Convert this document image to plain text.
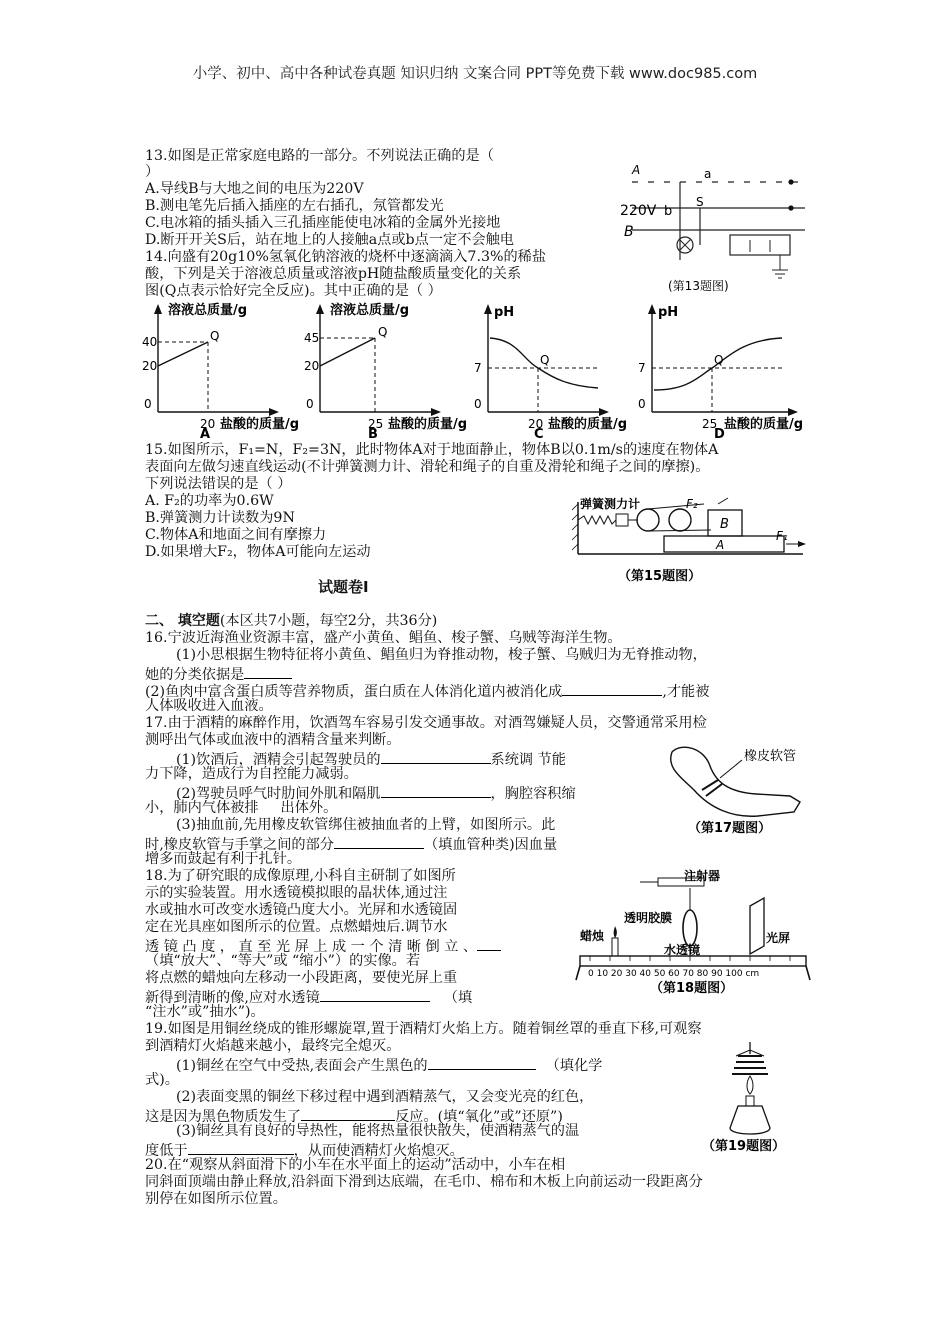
小学、初中、高中各种试卷真题 知识归纳 文案合同 PPT等免费下载 www.doc985.com
13.如图是正常家庭电路的一部分。不列说法正确的是（
）
A.导线B与大地之间的电压为220V
B.测电笔先后插入插座的左右插孔，氖管都发光
C.电冰箱的插头插入三孔插座能使电冰箱的金属外光接地
D.断开开关S后，站在地上的人接触a点或b点一定不会触电
220V b
B
A
S
a
(第13题图)
14.向盛有20g10%氢氧化钠溶液的烧杯中逐滴滴入7.3%的稀盐
酸，下列是关于溶液总质量或溶液pH随盐酸质量变化的关系
图(Q点表示恰好完全反应)。其中正确的是（ ）
溶液总质量/g
40
20
Q
0
20 盐酸的质量/g
A
溶液总质量/g
45
20
Q
0
25 盐酸的质量/g
B
pH
7
Q
0
20 盐酸的质量/g
C
pH
7
Q
0
25 盐酸的质量/g
D
15.如图所示，F₁=N，F₂=3N，此时物体A对于地面静止，物体B以0.1m/s的速度在物体A
表面向左做匀速直线运动(不计弹簧测力计、滑轮和绳子的自重及滑轮和绳子之间的摩擦)。
下列说法错误的是（ ）
A. F₂的功率为0.6W
B.弹簧测力计读数为9N
C.物体A和地面之间有摩擦力
D.如果增大F₂，物体A可能向左运动
弹簧测力计	F₂
F₁
B
A
（第15题图）
试题卷Ⅰ
二、 填空题(本区共7小题，每空2分，共36分)
16.宁波近海渔业资源丰富，盛产小黄鱼、鲳鱼、梭子蟹、乌贼等海洋生物。
(1)小思根据生物特征将小黄鱼、鲳鱼归为脊推动物，梭子蟹、乌贼归为无脊推动物，
她的分类依据是
(2)鱼肉中富含蛋白质等营养物质，蛋白质在人体消化道内被消化成	,才能被
人体吸收进入血液。
17.由于酒精的麻醉作用，饮酒驾车容易引发交通事故。对酒驾嫌疑人员，交警通常采用检
测呼出气体或血液中的酒精含量来判断。
(1)饮酒后，酒精会引起驾驶员的	系统调 节能
力下降，造成行为自控能力减弱。
(2)驾驶员呼气时肋间外肌和隔肌	，胸腔容积缩
小，肺内气体被排 出体外。
(3)抽血前,先用橡皮软管绑住被抽血者的上臂，如图所示。此
时,橡皮软管与手掌之间的部分	（填血管种类)因血量
增多而鼓起有利于扎针。
橡皮软管
（第17题图）
18.为了研究眼的成像原理,小科自主研制了如图所
示的实验装置。用水透镜模拟眼的晶状体,通过注
水或抽水可改变水透镜凸度大小。光屏和水透镜固
定在光具座如图所示的位置。点燃蜡烛后.调节水
透 镜 凸 度 ， 直 至 光 屏 上 成 一 个 清 晰 倒 立 、
（填“放大”、“等大”或 “缩小”）的实像。若
将点燃的蜡烛向左移动一小段距离，要使光屏上重
新得到清晰的像,应对水透镜	（填
“注水”或”抽水”)。
0 10 20 30 40 50 60 70 80 90 100 cm
注射器
透明胶膜
蜡烛
水透镜
光屏
（第18题图）
19.如图是用铜丝绕成的锥形螺旋罩,置于酒精灯火焰上方。随着铜丝罩的垂直下移,可观察
到酒精灯火焰越来越小，最终完全熄灭。
(1)铜丝在空气中受热,表面会产生黑色的	（填化学
式)。
(2)表面变黑的铜丝下移过程中遇到酒精蒸气，又会变光亮的红色，
这是因为黑色物质发生了	反应。(填“氧化”或”还原”)
(3)铜丝具有良好的导热性，能将热量很快散失，使酒精蒸气的温
度低于	，从而使酒精灯火焰熄灭。	（第19题图）
20.在“观察从斜面滑下的小车在水平面上的运动”活动中，小车在相
同斜面顶端由静止释放,沿斜面下滑到达底端，在毛巾、棉布和木板上向前运动一段距离分
别停在如图所示位置。
